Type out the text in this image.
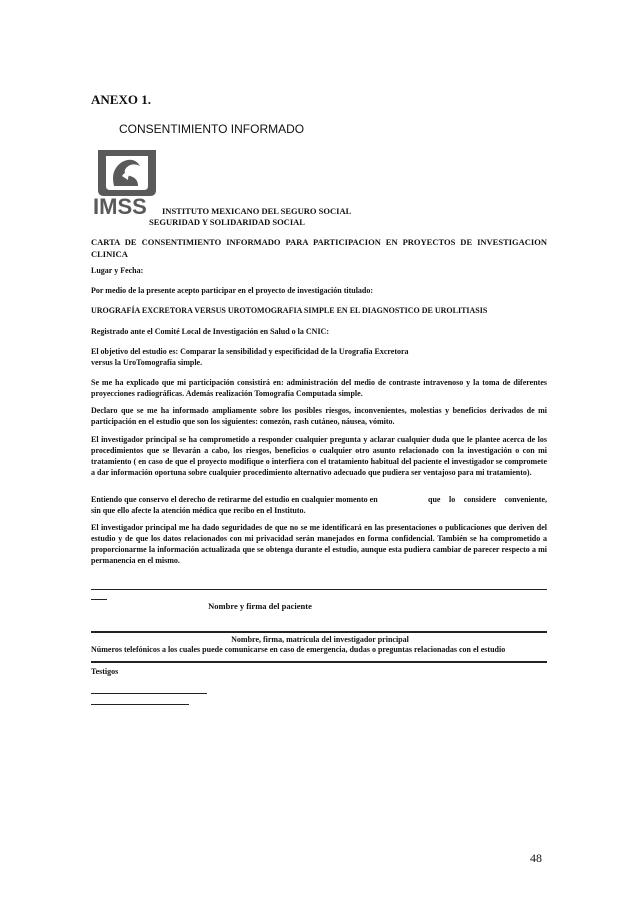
ANEXO 1.
CONSENTIMIENTO INFORMADO
IMSS INSTITUTO MEXICANO DEL SEGURO SOCIAL
SEGURIDAD Y SOLIDARIDAD SOCIAL

CARTA DE CONSENTIMIENTO INFORMADO PARA PARTICIPACION EN PROYECTOS DE INVESTIGACION CLINICA

Lugar y Fecha:

Por medio de la presente acepto participar en el proyecto de investigación titulado:

UROGRAFÍA EXCRETORA VERSUS UROTOMOGRAFIA SIMPLE EN EL DIAGNOSTICO DE UROLITIASIS

Registrado ante el Comité Local de Investigación en Salud o la CNIC:

El objetivo del estudio es: Comparar la sensibilidad y especificidad de la Urografía Excretora

versus la UroTomografía simple.

Se me ha explicado que mi participación consistirá en: administración del medio de contraste intravenoso y la toma de diferentes proyecciones radiográficas. Además realización Tomografía Computada simple.

Declaro que se me ha informado ampliamente sobre los posibles riesgos, inconvenientes, molestias y beneficios derivados de mi participación en el estudio que son los siguientes: comezón, rash cutáneo, náusea, vómito.

El investigador principal se ha comprometido a responder cualquier pregunta y aclarar cualquier duda que le plantee acerca de los procedimientos que se llevarán a cabo, los riesgos, beneficios o cualquier otro asunto relacionado con la investigación o con mi tratamiento ( en caso de que el proyecto modifique o interfiera con el tratamiento habitual del paciente el investigador se compromete a dar información oportuna sobre cualquier procedimiento alternativo adecuado que pudiera ser ventajoso para mi tratamiento).

Entiendo que conservo el derecho de retirarme del estudio en cualquier momento en	que lo considere conveniente,

sin que ello afecte la atención médica que recibo en el Instituto.

El investigador principal me ha dado seguridades de que no se me identificará en las presentaciones o publicaciones que deriven del estudio y de que los datos relacionados con mi privacidad serán manejados en forma confidencial. También se ha comprometido a proporcionarme la información actualizada que se obtenga durante el estudio, aunque esta pudiera cambiar de parecer respecto a mi permanencia en el mismo.

Nombre y firma del paciente

Nombre, firma, matrícula del investigador principal

Números telefónicos a los cuales puede comunicarse en caso de emergencia, dudas o preguntas relacionadas con el estudio

Testigos

48
